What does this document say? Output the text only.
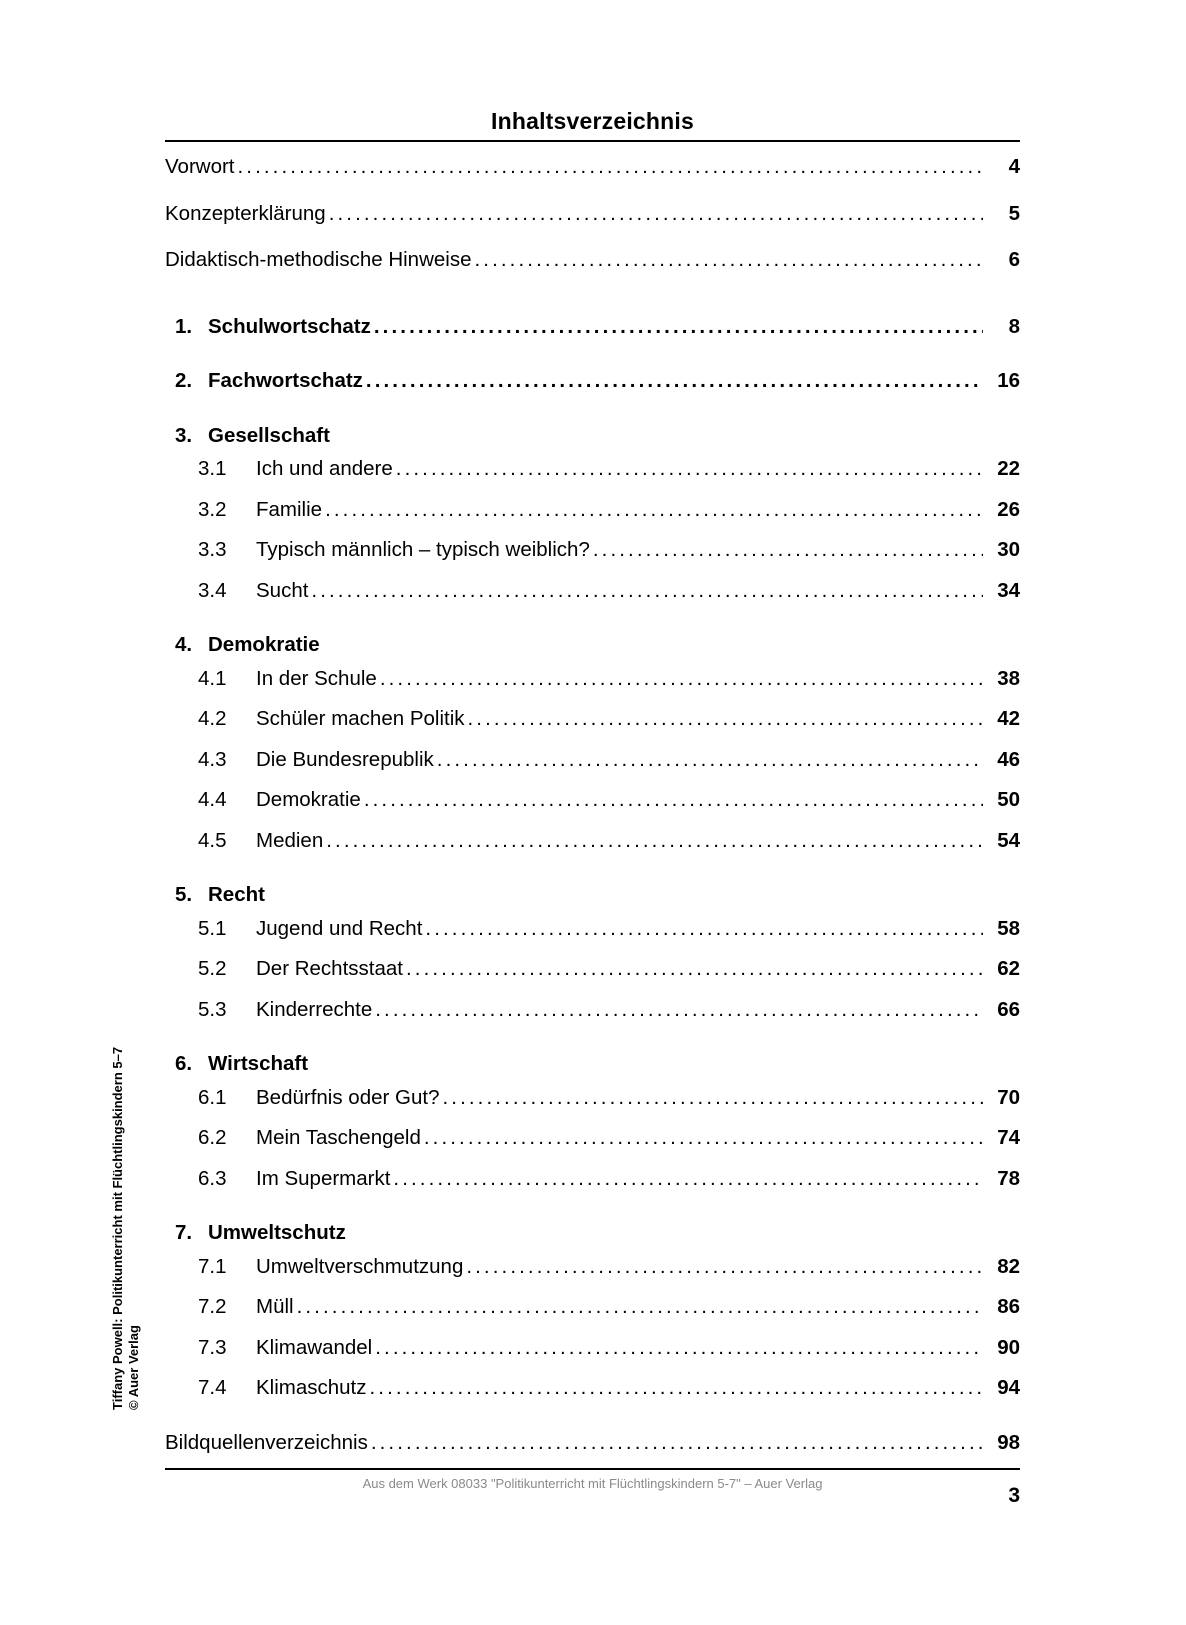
Inhaltsverzeichnis
Vorwort .....	4
Konzepterklärung .....	5
Didaktisch-methodische Hinweise .....	6
1. Schulwortschatz .....	8
2. Fachwortschatz .....	16
3. Gesellschaft
3.1	Ich und andere .....	22
3.2	Familie .....	26
3.3	Typisch männlich – typisch weiblich? .....	30
3.4	Sucht .....	34
4. Demokratie
4.1	In der Schule .....	38
4.2	Schüler machen Politik .....	42
4.3	Die Bundesrepublik .....	46
4.4	Demokratie .....	50
4.5	Medien .....	54
5. Recht
5.1	Jugend und Recht .....	58
5.2	Der Rechtsstaat .....	62
5.3	Kinderrechte .....	66
6. Wirtschaft
6.1	Bedürfnis oder Gut? .....	70
6.2	Mein Taschengeld .....	74
6.3	Im Supermarkt .....	78
7. Umweltschutz
7.1	Umweltverschmutzung .....	82
7.2	Müll .....	86
7.3	Klimawandel .....	90
7.4	Klimaschutz .....	94
Bildquellenverzeichnis .....	98
Tiffany Powell: Politikunterricht mit Flüchtlingskindern 5–7 © Auer Verlag
Aus dem Werk 08033 "Politikunterricht mit Flüchtlingskindern 5-7" – Auer Verlag
3
